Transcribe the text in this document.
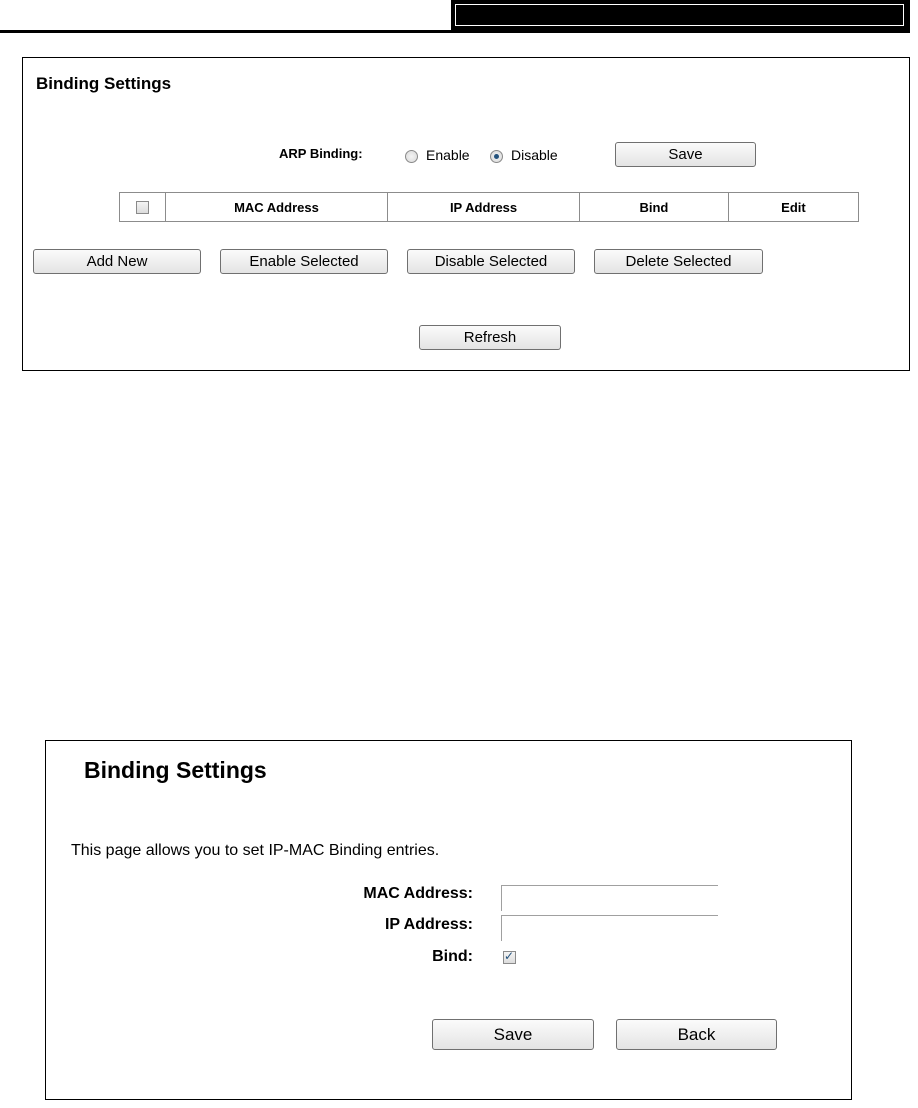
Binding Settings
ARP Binding:	Enable	Disable	Save
MAC Address	IP Address	Bind	Edit
Add New	Enable Selected	Disable Selected	Delete Selected
Refresh
Binding Settings
This page allows you to set IP-MAC Binding entries.
MAC Address:
IP Address:
Bind:
✓
Save	Back
